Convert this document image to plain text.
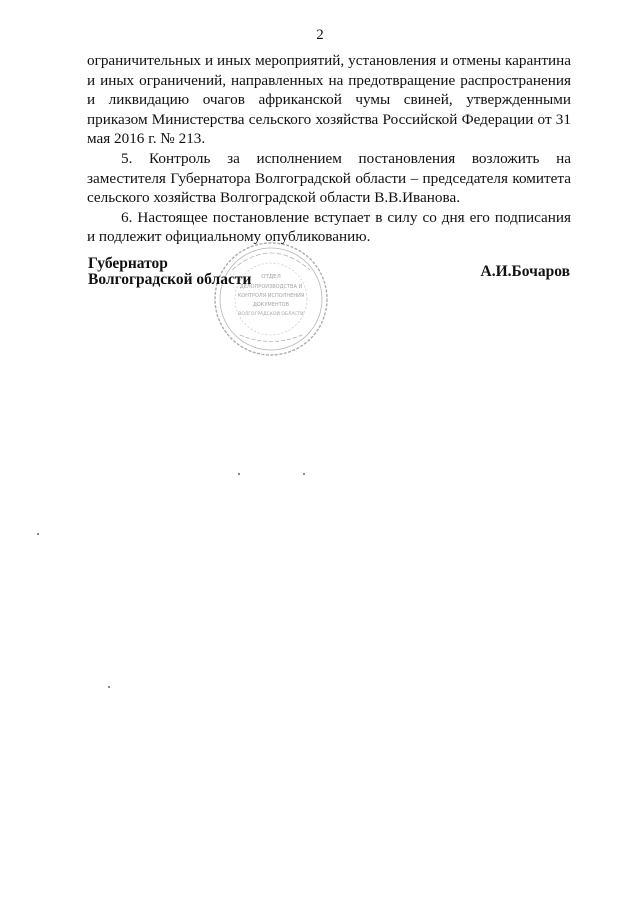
2

ограничительных и иных мероприятий, установления и отмены карантина и иных ограничений, направленных на предотвращение распространения и ликвидацию очагов африканской чумы свиней, утвержденными приказом Министерства сельского хозяйства Российской Федерации от 31 мая 2016 г. № 213.

5. Контроль за исполнением постановления возложить на заместителя Губернатора Волгоградской области – председателя комитета сельского хозяйства Волгоградской области В.В.Иванова.

6. Настоящее постановление вступает в силу со дня его подписания и подлежит официальному опубликованию.

ОТДЕЛ
ДЕЛОПРОИЗВОДСТВА И
КОНТРОЛЯ ИСПОЛНЕНИЯ
ДОКУМЕНТОВ
ВОЛГОГРАДСКОЙ ОБЛАСТИ
Губернатор
Волгоградской области	А.И.Бочаров
